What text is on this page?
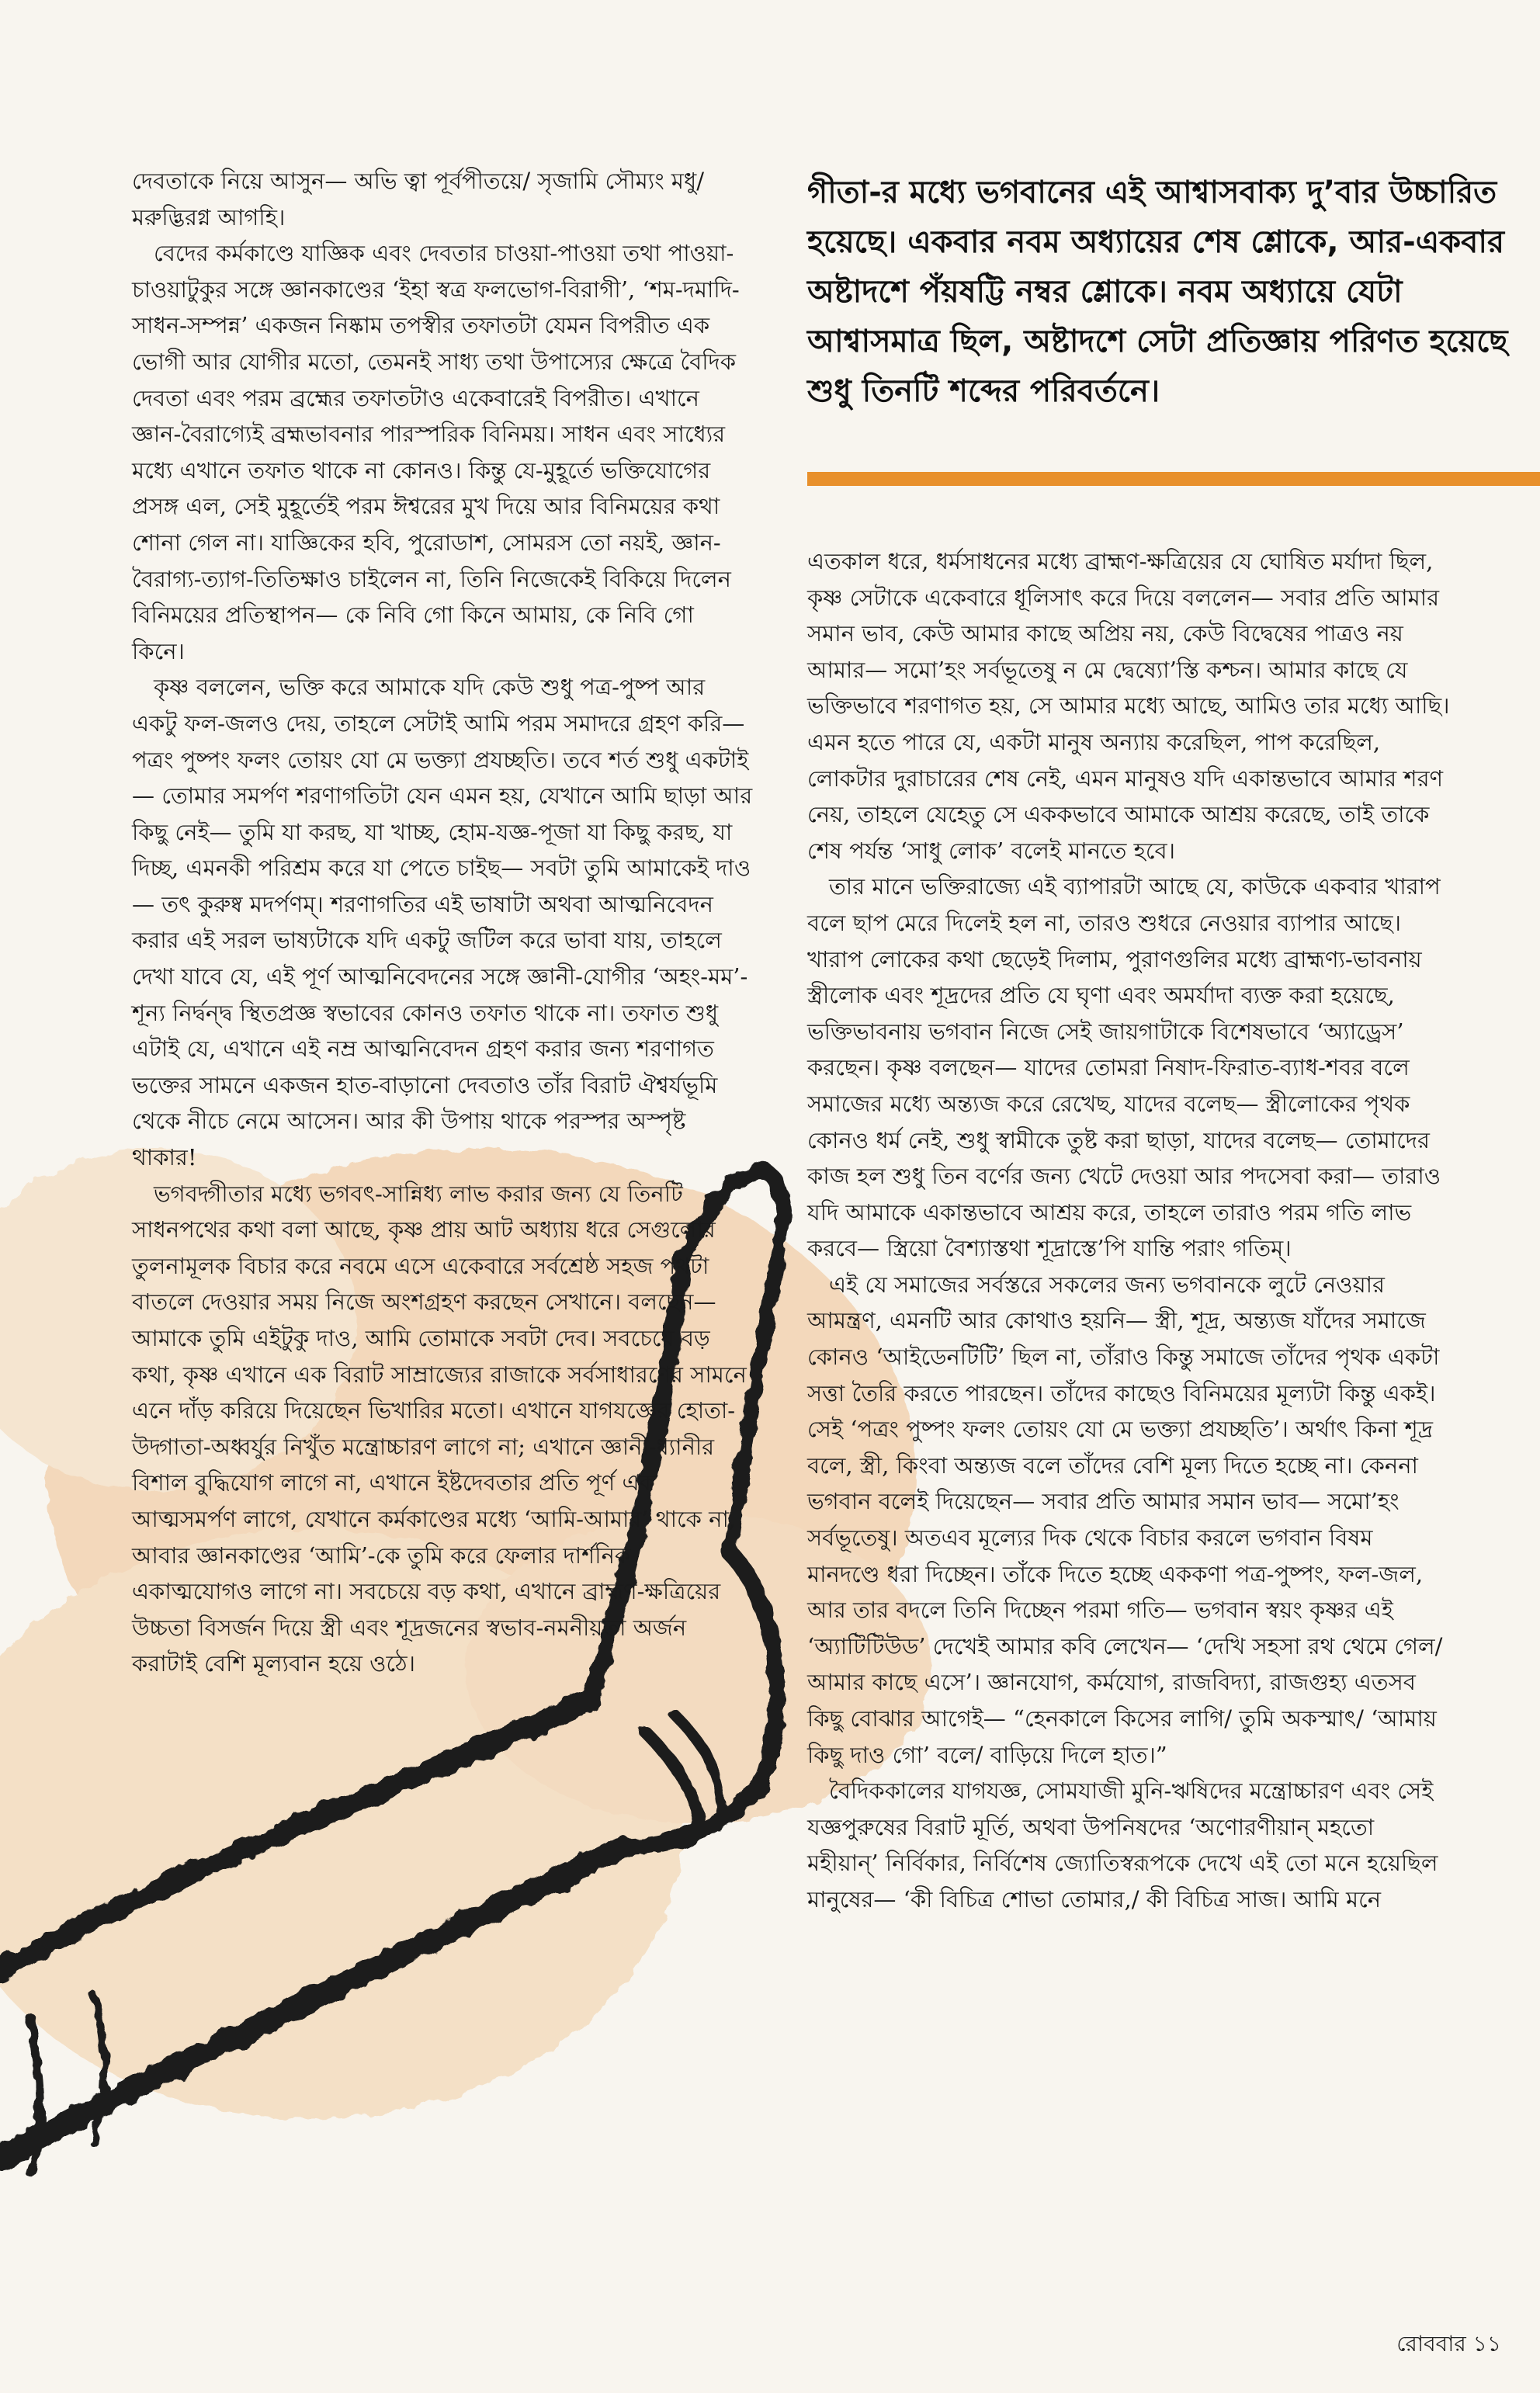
দেবতাকে নিয়ে আসুন— অভি ত্বা পূর্বপীতয়ে/ সৃজামি সৌম্যং মধু/ মরুদ্ভিরগ্ন আগহি।

বেদের কর্মকাণ্ডে যাজ্ঞিক এবং দেবতার চাওয়া-পাওয়া তথা পাওয়া-চাওয়াটুকুর সঙ্গে জ্ঞানকাণ্ডের ‘ইহা স্বত্র ফলভোগ-বিরাগী’, ‘শম-দমাদি-সাধন-সম্পন্ন’ একজন নিষ্কাম তপস্বীর তফাতটা যেমন বিপরীত এক ভোগী আর যোগীর মতো, তেমনই সাধ্য তথা উপাস্যের ক্ষেত্রে বৈদিক দেবতা এবং পরম ব্রহ্মের তফাতটাও একেবারেই বিপরীত। এখানে জ্ঞান-বৈরাগ্যেই ব্রহ্মভাবনার পারস্পরিক বিনিময়। সাধন এবং সাধ্যের মধ্যে এখানে তফাত থাকে না কোনও। কিন্তু যে-মুহূর্তে ভক্তিযোগের প্রসঙ্গ এল, সেই মুহূর্তেই পরম ঈশ্বরের মুখ দিয়ে আর বিনিময়ের কথা শোনা গেল না। যাজ্ঞিকের হবি, পুরোডাশ, সোমরস তো নয়ই, জ্ঞান-বৈরাগ্য-ত্যাগ-তিতিক্ষাও চাইলেন না, তিনি নিজেকেই বিকিয়ে দিলেন বিনিময়ের প্রতিস্থাপন— কে নিবি গো কিনে আমায়, কে নিবি গো কিনে।

কৃষ্ণ বললেন, ভক্তি করে আমাকে যদি কেউ শুধু পত্র-পুষ্প আর একটু ফল-জলও দেয়, তাহলে সেটাই আমি পরম সমাদরে গ্রহণ করি— পত্রং পুষ্পং ফলং তোয়ং যো মে ভক্ত্যা প্রযচ্ছতি। তবে শর্ত শুধু একটাই— তোমার সমর্পণ শরণাগতিটা যেন এমন হয়, যেখানে আমি ছাড়া আর কিছু নেই— তুমি যা করছ, যা খাচ্ছ, হোম-যজ্ঞ-পূজা যা কিছু করছ, যা দিচ্ছ, এমনকী পরিশ্রম করে যা পেতে চাইছ— সবটা তুমি আমাকেই দাও— তৎ কুরুষ্ব মদর্পণম্। শরণাগতির এই ভাষাটা অথবা আত্মনিবেদন করার এই সরল ভাষ্যটাকে যদি একটু জটিল করে ভাবা যায়, তাহলে দেখা যাবে যে, এই পূর্ণ আত্মনিবেদনের সঙ্গে জ্ঞানী-যোগীর ‘অহং-মম’-শূন্য নির্দ্বন্দ্ব স্থিতপ্রজ্ঞ স্বভাবের কোনও তফাত থাকে না। তফাত শুধু এটাই যে, এখানে এই নম্র আত্মনিবেদন গ্রহণ করার জন্য শরণাগত ভক্তের সামনে একজন হাত-বাড়ানো দেবতাও তাঁর বিরাট ঐশ্বর্যভূমি থেকে নীচে নেমে আসেন। আর কী উপায় থাকে পরস্পর অস্পৃষ্ট থাকার!

ভগবদ্গীতার মধ্যে ভগবৎ-সান্নিধ্য লাভ করার জন্য যে তিনটি সাধনপথের কথা বলা আছে, কৃষ্ণ প্রায় আট অধ্যায় ধরে সেগুলোর তুলনামূলক বিচার করে নবমে এসে একেবারে সর্বশ্রেষ্ঠ সহজ পথটা বাতলে দেওয়ার সময় নিজে অংশগ্রহণ করছেন সেখানে। বলছেন— আমাকে তুমি এইটুকু দাও, আমি তোমাকে সবটা দেব। সবচেয়ে বড় কথা, কৃষ্ণ এখানে এক বিরাট সাম্রাজ্যের রাজাকে সর্বসাধারণের সামনে এনে দাঁড় করিয়ে দিয়েছেন ভিখারির মতো। এখানে যাগযজ্ঞের হোতা-উদ্গাতা-অধ্বর্যুর নিখুঁত মন্ত্রোচ্চারণ লাগে না; এখানে জ্ঞানী-ধ্যানীর বিশাল বুদ্ধিযোগ লাগে না, এখানে ইষ্টদেবতার প্রতি পূর্ণ এক আত্মসমর্পণ লাগে, যেখানে কর্মকাণ্ডের মধ্যে ‘আমি-আমার’ থাকে না, আবার জ্ঞানকাণ্ডের ‘আমি’-কে তুমি করে ফেলার দার্শনিক একাত্মযোগও লাগে না। সবচেয়ে বড় কথা, এখানে ব্রাহ্মণ-ক্ষত্রিয়ের উচ্চতা বিসর্জন দিয়ে স্ত্রী এবং শূদ্রজনের স্বভাব-নমনীয়তা অর্জন করাটাই বেশি মূল্যবান হয়ে ওঠে।

গীতা-র মধ্যে ভগবানের এই আশ্বাসবাক্য দু’বার উচ্চারিত হয়েছে। একবার নবম অধ্যায়ের শেষ শ্লোকে, আর-একবার অষ্টাদশে পঁয়ষট্টি নম্বর শ্লোকে। নবম অধ্যায়ে যেটা আশ্বাসমাত্র ছিল, অষ্টাদশে সেটা প্রতিজ্ঞায় পরিণত হয়েছে শুধু তিনটি শব্দের পরিবর্তনে।

এতকাল ধরে, ধর্মসাধনের মধ্যে ব্রাহ্মণ-ক্ষত্রিয়ের যে ঘোষিত মর্যাদা ছিল, কৃষ্ণ সেটাকে একেবারে ধূলিসাৎ করে দিয়ে বললেন— সবার প্রতি আমার সমান ভাব, কেউ আমার কাছে অপ্রিয় নয়, কেউ বিদ্বেষের পাত্রও নয় আমার— সমো’হং সর্বভূতেষু ন মে দ্বেষ্যো’স্তি কশ্চন। আমার কাছে যে ভক্তিভাবে শরণাগত হয়, সে আমার মধ্যে আছে, আমিও তার মধ্যে আছি। এমন হতে পারে যে, একটা মানুষ অন্যায় করেছিল, পাপ করেছিল, লোকটার দুরাচারের শেষ নেই, এমন মানুষও যদি একান্তভাবে আমার শরণ নেয়, তাহলে যেহেতু সে এককভাবে আমাকে আশ্রয় করেছে, তাই তাকে শেষ পর্যন্ত ‘সাধু লোক’ বলেই মানতে হবে।

তার মানে ভক্তিরাজ্যে এই ব্যাপারটা আছে যে, কাউকে একবার খারাপ বলে ছাপ মেরে দিলেই হল না, তারও শুধরে নেওয়ার ব্যাপার আছে। খারাপ লোকের কথা ছেড়েই দিলাম, পুরাণগুলির মধ্যে ব্রাহ্মণ্য-ভাবনায় স্ত্রীলোক এবং শূদ্রদের প্রতি যে ঘৃণা এবং অমর্যাদা ব্যক্ত করা হয়েছে, ভক্তিভাবনায় ভগবান নিজে সেই জায়গাটাকে বিশেষভাবে ‘অ্যাড্রেস’ করছেন। কৃষ্ণ বলছেন— যাদের তোমরা নিষাদ-ফিরাত-ব্যাধ-শবর বলে সমাজের মধ্যে অন্ত্যজ করে রেখেছ, যাদের বলেছ— স্ত্রীলোকের পৃথক কোনও ধর্ম নেই, শুধু স্বামীকে তুষ্ট করা ছাড়া, যাদের বলেছ— তোমাদের কাজ হল শুধু তিন বর্ণের জন্য খেটে দেওয়া আর পদসেবা করা— তারাও যদি আমাকে একান্তভাবে আশ্রয় করে, তাহলে তারাও পরম গতি লাভ করবে— স্ত্রিয়ো বৈশ্যাস্তথা শূদ্রাস্তে’পি যান্তি পরাং গতিম্।

এই যে সমাজের সর্বস্তরে সকলের জন্য ভগবানকে লুটে নেওয়ার আমন্ত্রণ, এমনটি আর কোথাও হয়নি— স্ত্রী, শূদ্র, অন্ত্যজ যাঁদের সমাজে কোনও ‘আইডেনটিটি’ ছিল না, তাঁরাও কিন্তু সমাজে তাঁদের পৃথক একটা সত্তা তৈরি করতে পারছেন। তাঁদের কাছেও বিনিময়ের মূল্যটা কিন্তু একই। সেই ‘পত্রং পুষ্পং ফলং তোয়ং যো মে ভক্ত্যা প্রযচ্ছতি’। অর্থাৎ কিনা শূদ্র বলে, স্ত্রী, কিংবা অন্ত্যজ বলে তাঁদের বেশি মূল্য দিতে হচ্ছে না। কেননা ভগবান বলেই দিয়েছেন— সবার প্রতি আমার সমান ভাব— সমো’হং সর্বভূতেষু। অতএব মূল্যের দিক থেকে বিচার করলে ভগবান বিষম মানদণ্ডে ধরা দিচ্ছেন। তাঁকে দিতে হচ্ছে এককণা পত্র-পুষ্পং, ফল-জল, আর তার বদলে তিনি দিচ্ছেন পরমা গতি— ভগবান স্বয়ং কৃষ্ণর এই ‘অ্যাটিটিউড’ দেখেই আমার কবি লেখেন— ‘দেখি সহসা রথ থেমে গেল/ আমার কাছে এসে’। জ্ঞানযোগ, কর্মযোগ, রাজবিদ্যা, রাজগুহ্য এতসব কিছু বোঝার আগেই— “হেনকালে কিসের লাগি/ তুমি অকস্মাৎ/ ‘আমায় কিছু দাও গো’ বলে/ বাড়িয়ে দিলে হাত।”

বৈদিককালের যাগযজ্ঞ, সোমযাজী মুনি-ঋষিদের মন্ত্রোচ্চারণ এবং সেই যজ্ঞপুরুষের বিরাট মূর্তি, অথবা উপনিষদের ‘অণোরণীয়ান্ মহতো মহীয়ান্’ নির্বিকার, নির্বিশেষ জ্যোতিস্বরূপকে দেখে এই তো মনে হয়েছিল মানুষের— ‘কী বিচিত্র শোভা তোমার,/ কী বিচিত্র সাজ। আমি মনে

রোববার ১১
